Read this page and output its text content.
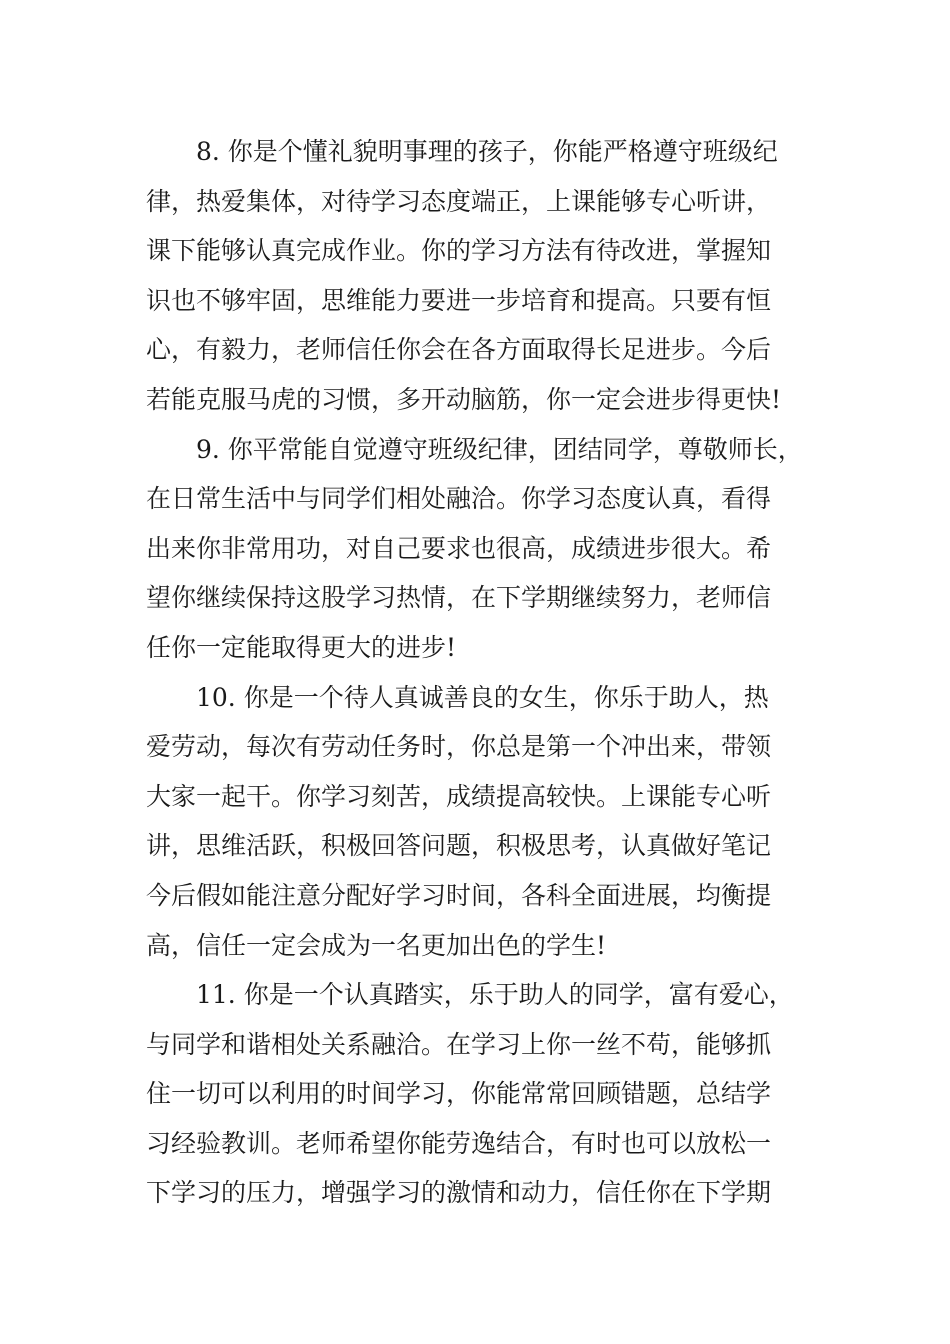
8. 你是个懂礼貌明事理的孩子，你能严格遵守班级纪
律，热爱集体，对待学习态度端正，上课能够专心听讲，
课下能够认真完成作业。你的学习方法有待改进，掌握知
识也不够牢固，思维能力要进一步培育和提高。只要有恒
心，有毅力，老师信任你会在各方面取得长足进步。今后
若能克服马虎的习惯，多开动脑筋，你一定会进步得更快!
9. 你平常能自觉遵守班级纪律，团结同学，尊敬师长，
在日常生活中与同学们相处融洽。你学习态度认真，看得
出来你非常用功，对自己要求也很高，成绩进步很大。希
望你继续保持这股学习热情，在下学期继续努力，老师信
任你一定能取得更大的进步!
10. 你是一个待人真诚善良的女生，你乐于助人，热
爱劳动，每次有劳动任务时，你总是第一个冲出来，带领
大家一起干。你学习刻苦，成绩提高较快。上课能专心听
讲，思维活跃，积极回答问题，积极思考，认真做好笔记
今后假如能注意分配好学习时间，各科全面进展，均衡提
高，信任一定会成为一名更加出色的学生!
11. 你是一个认真踏实，乐于助人的同学，富有爱心，
与同学和谐相处关系融洽。在学习上你一丝不苟，能够抓
住一切可以利用的时间学习，你能常常回顾错题，总结学
习经验教训。老师希望你能劳逸结合，有时也可以放松一
下学习的压力，增强学习的激情和动力，信任你在下学期
